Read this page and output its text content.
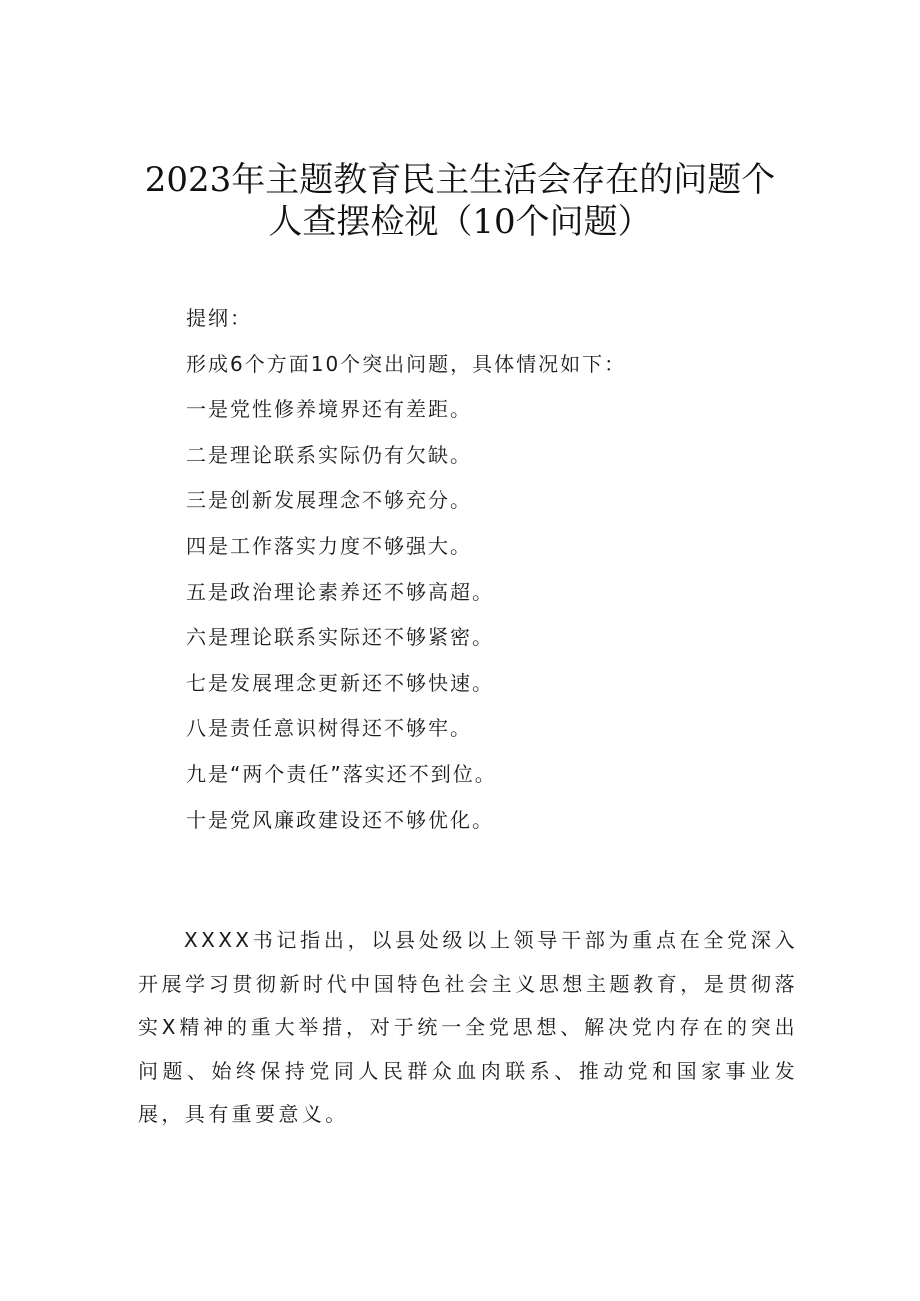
2023年主题教育民主生活会存在的问题个
人查摆检视（10个问题）
提纲：
形成6个方面10个突出问题，具体情况如下：
一是党性修养境界还有差距。
二是理论联系实际仍有欠缺。
三是创新发展理念不够充分。
四是工作落实力度不够强大。
五是政治理论素养还不够高超。
六是理论联系实际还不够紧密。
七是发展理念更新还不够快速。
八是责任意识树得还不够牢。
九是“两个责任”落实还不到位。
十是党风廉政建设还不够优化。

XXXX书记指出，以县处级以上领导干部为重点在全党深入开展学习贯彻新时代中国特色社会主义思想主题教育，是贯彻落实X精神的重大举措，对于统一全党思想、解决党内存在的突出问题、始终保持党同人民群众血肉联系、推动党和国家事业发展，具有重要意义。
